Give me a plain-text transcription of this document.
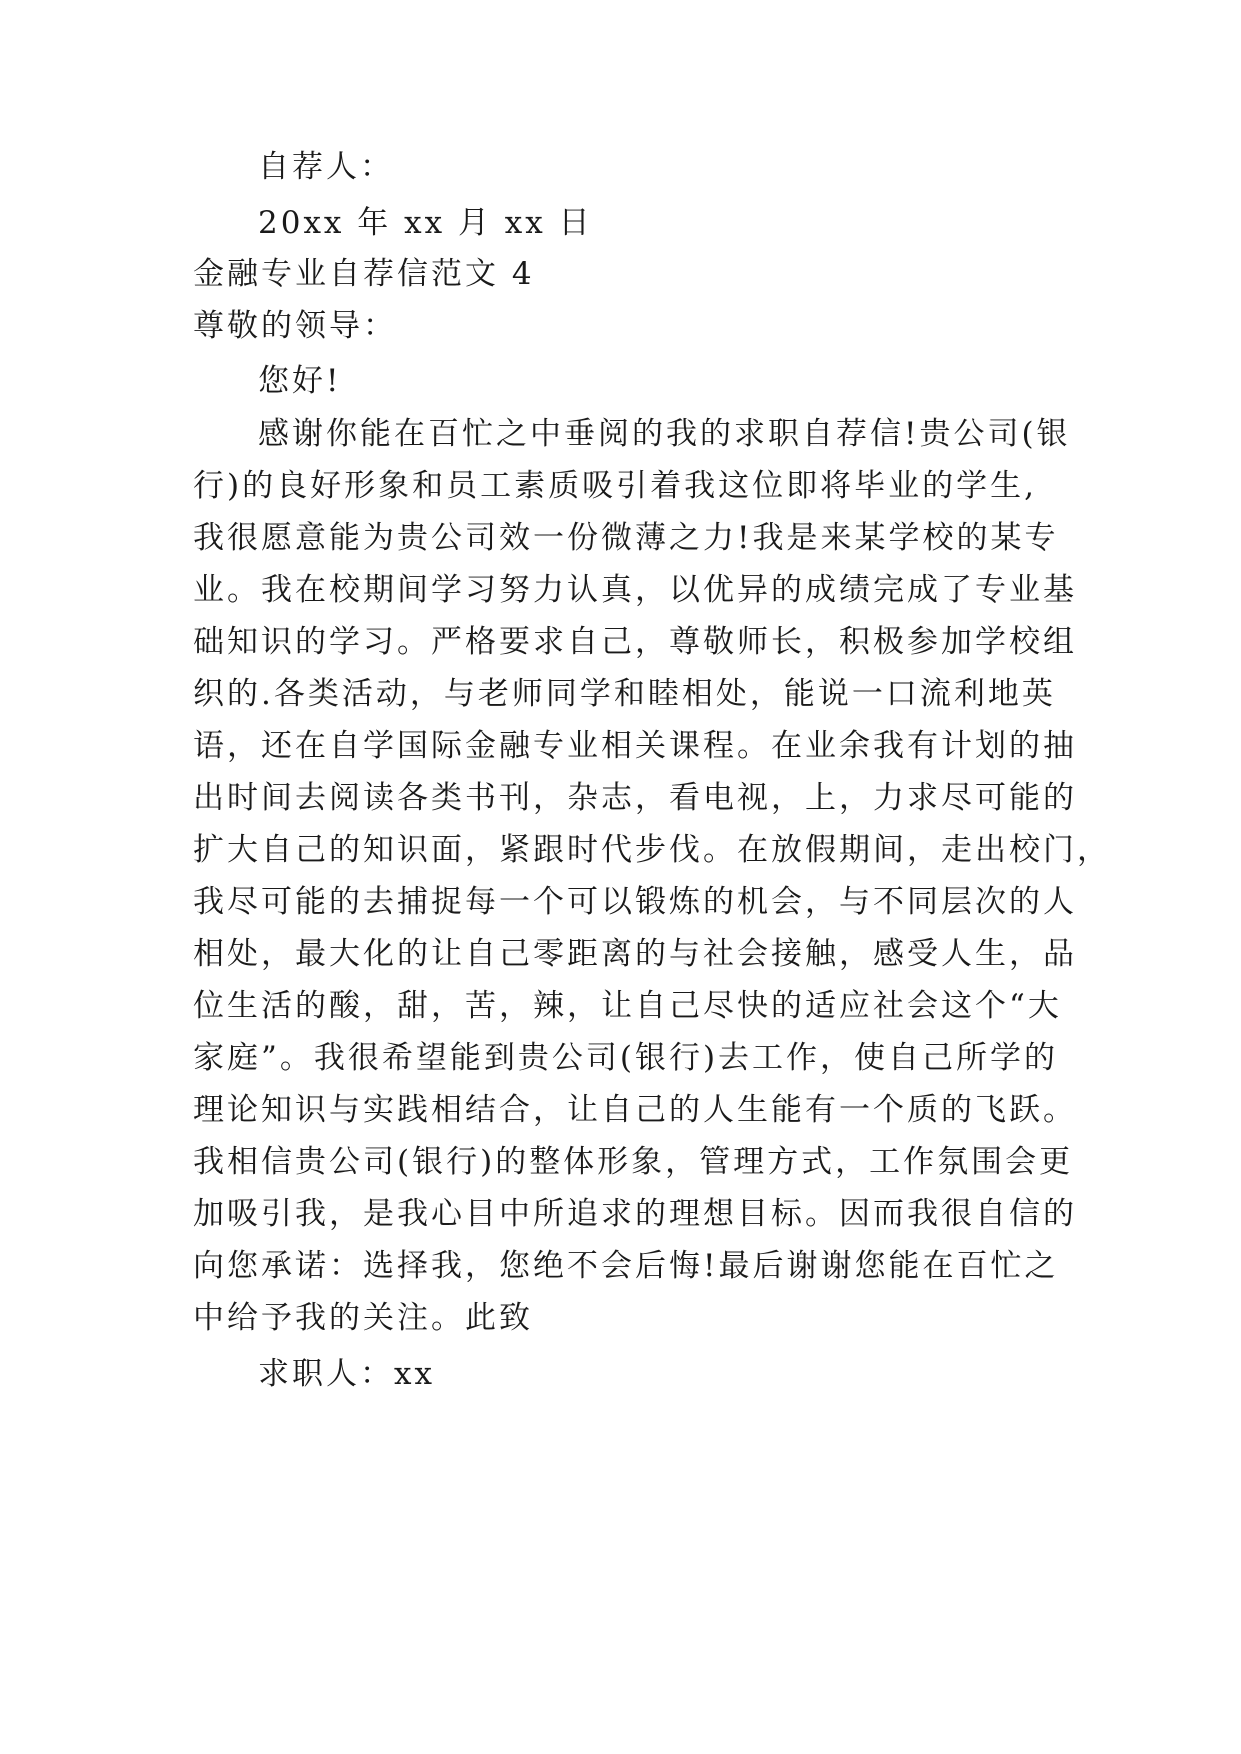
自荐人：
20xx 年 xx 月 xx 日
金融专业自荐信范文 4
尊敬的领导：
您好!
感谢你能在百忙之中垂阅的我的求职自荐信!贵公司(银
行)的良好形象和员工素质吸引着我这位即将毕业的学生,
我很愿意能为贵公司效一份微薄之力!我是来某学校的某专
业。我在校期间学习努力认真，以优异的成绩完成了专业基
础知识的学习。严格要求自己，尊敬师长，积极参加学校组
织的.各类活动，与老师同学和睦相处，能说一口流利地英
语，还在自学国际金融专业相关课程。在业余我有计划的抽
出时间去阅读各类书刊，杂志，看电视，上，力求尽可能的
扩大自己的知识面，紧跟时代步伐。在放假期间，走出校门，
我尽可能的去捕捉每一个可以锻炼的机会，与不同层次的人
相处，最大化的让自己零距离的与社会接触，感受人生，品
位生活的酸，甜，苦，辣，让自己尽快的适应社会这个“大
家庭”。我很希望能到贵公司(银行)去工作，使自己所学的
理论知识与实践相结合，让自己的人生能有一个质的飞跃。
我相信贵公司(银行)的整体形象，管理方式，工作氛围会更
加吸引我，是我心目中所追求的理想目标。因而我很自信的
向您承诺：选择我，您绝不会后悔!最后谢谢您能在百忙之
中给予我的关注。此致
求职人：xx
